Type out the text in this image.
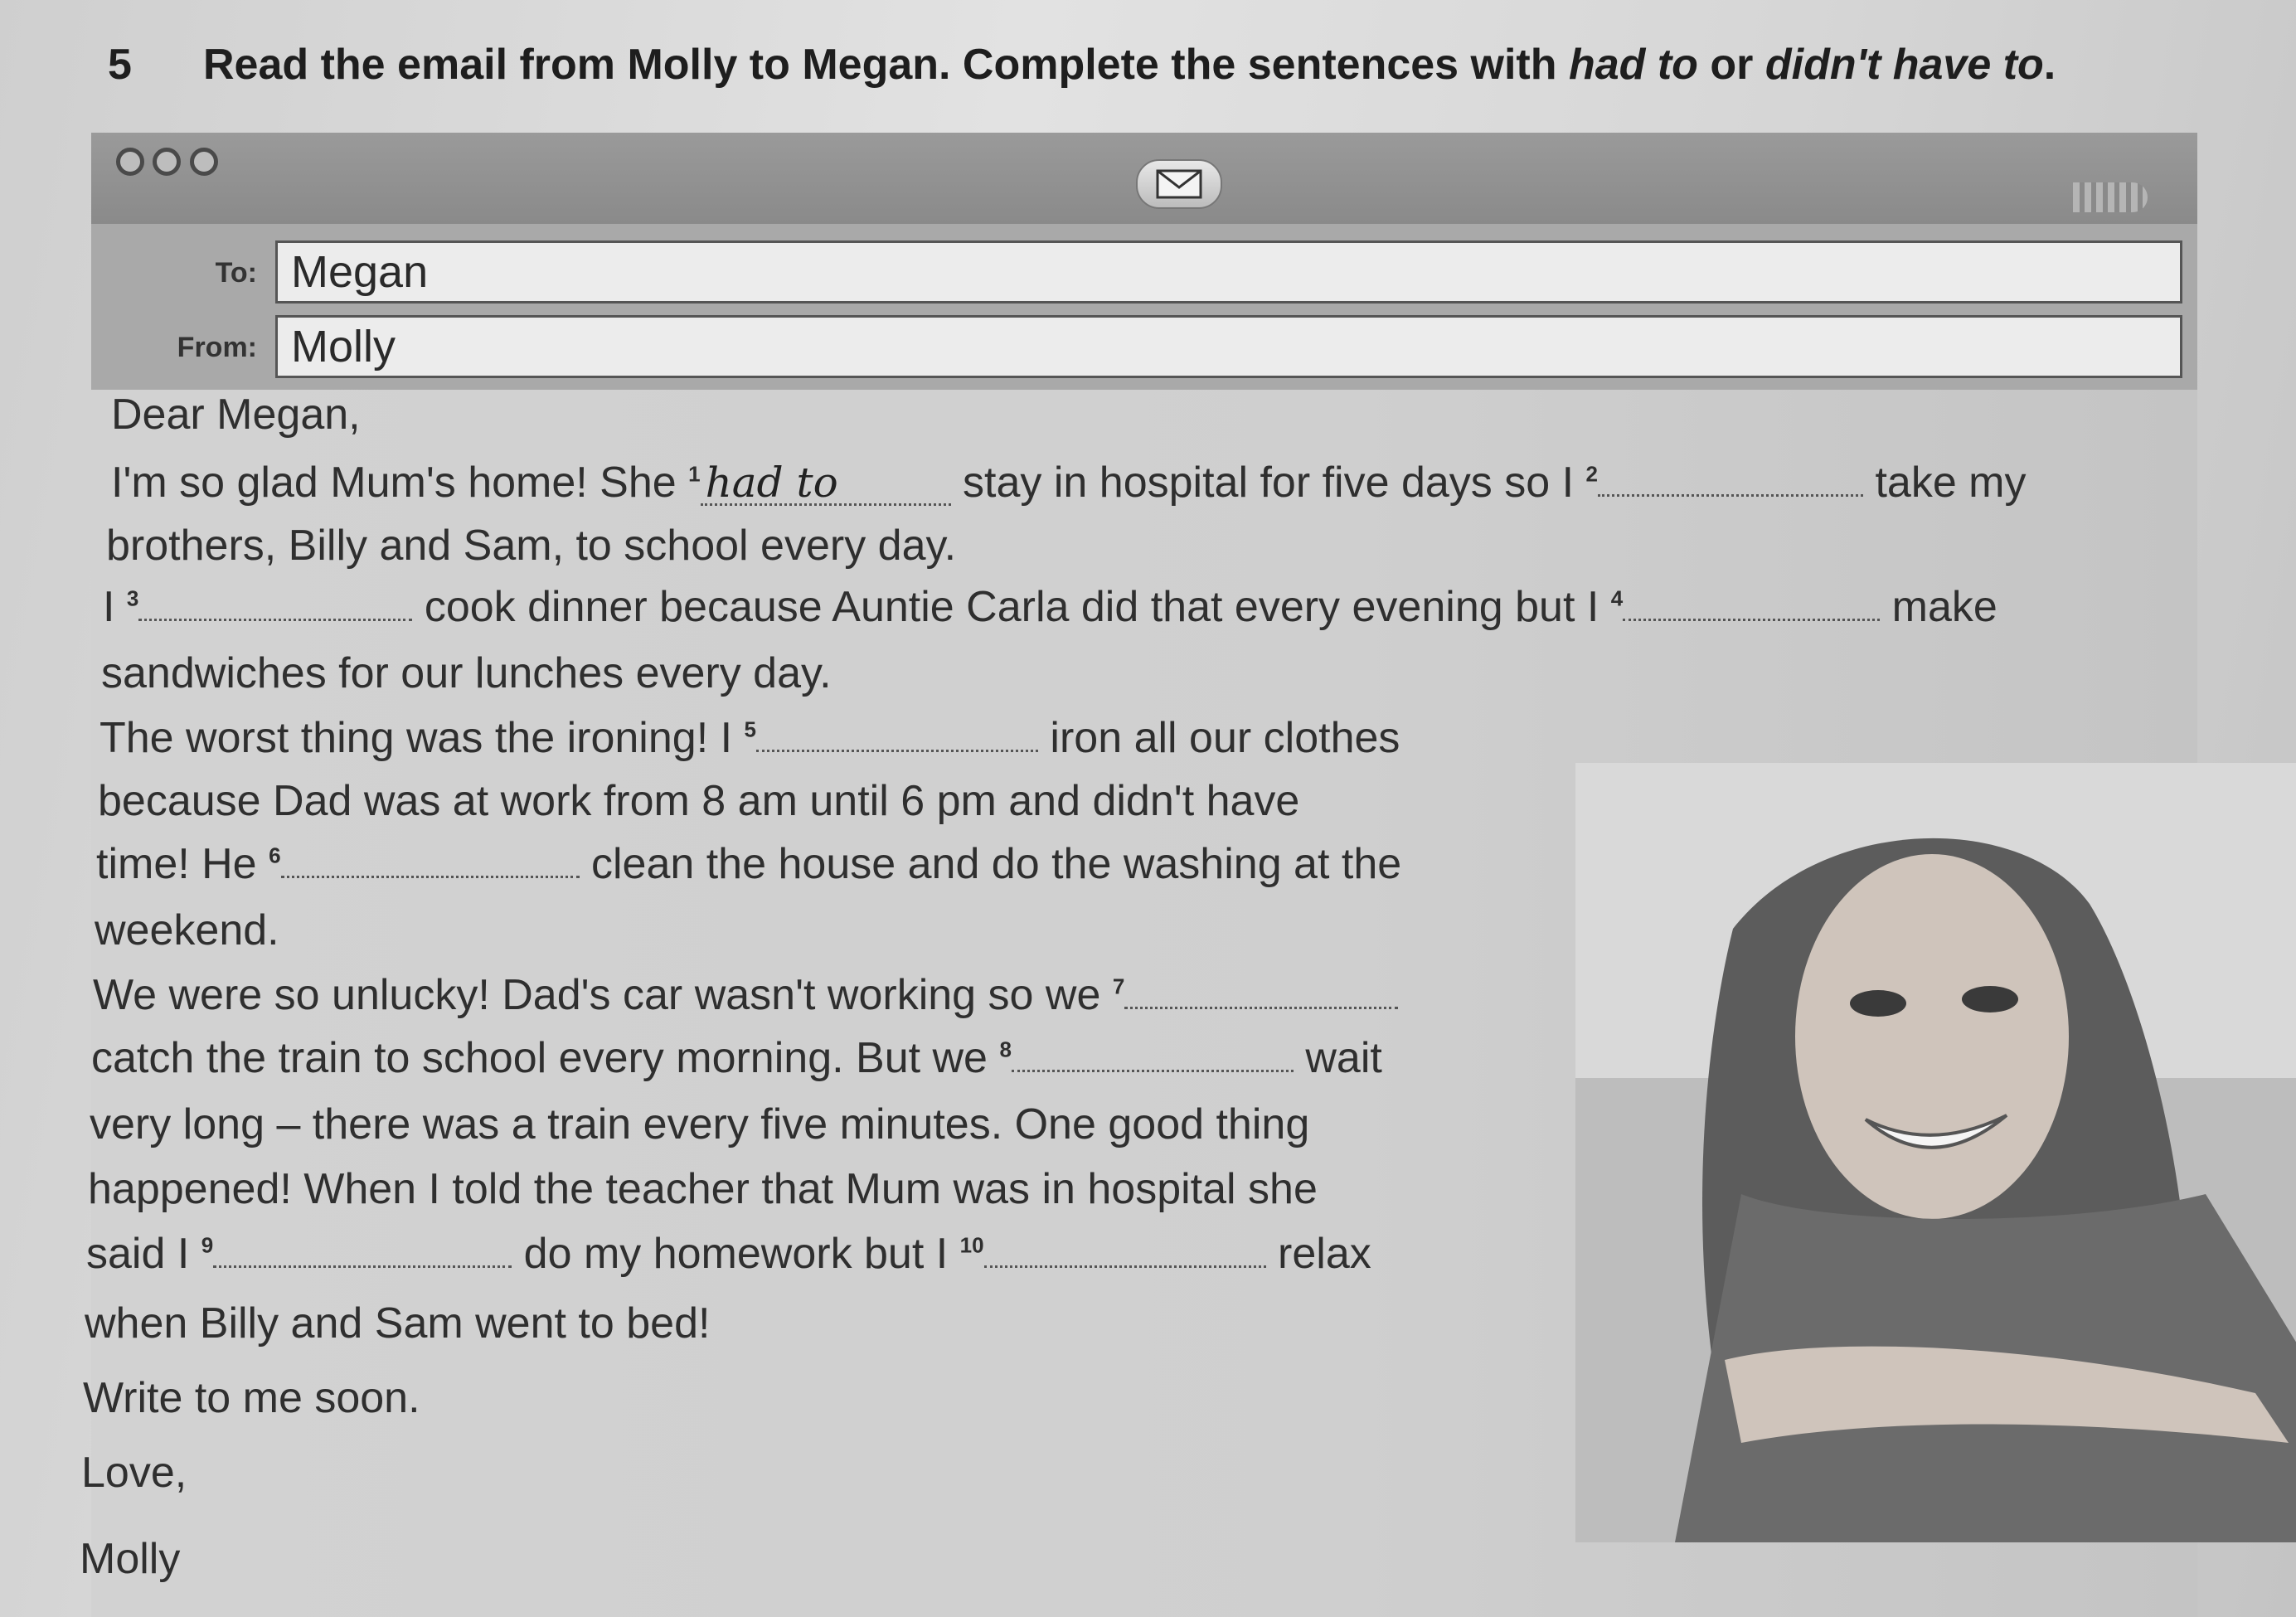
5 Read the email from Molly to Megan. Complete the sentences with had to or didn't have to.

To: Megan
From: Molly
Dear Megan,
I'm so glad Mum's home! She $^1$ had to	stay in hospital for five days so I $^2$	take my
brothers, Billy and Sam, to school every day.
I $^3$	cook dinner because Auntie Carla did that every evening but I $^4$	make
sandwiches for our lunches every day.
The worst thing was the ironing! I $^5$	iron all our clothes
because Dad was at work from 8 am until 6 pm and didn't have
time! He $^6$	clean the house and do the washing at the
weekend.
We were so unlucky! Dad's car wasn't working so we $^7$
catch the train to school every morning. But we $^8$	wait
very long – there was a train every five minutes. One good thing
happened! When I told the teacher that Mum was in hospital she
said I $^9$	do my homework but I $^{10}$	relax
when Billy and Sam went to bed!
Write to me soon.
Love,
Molly
